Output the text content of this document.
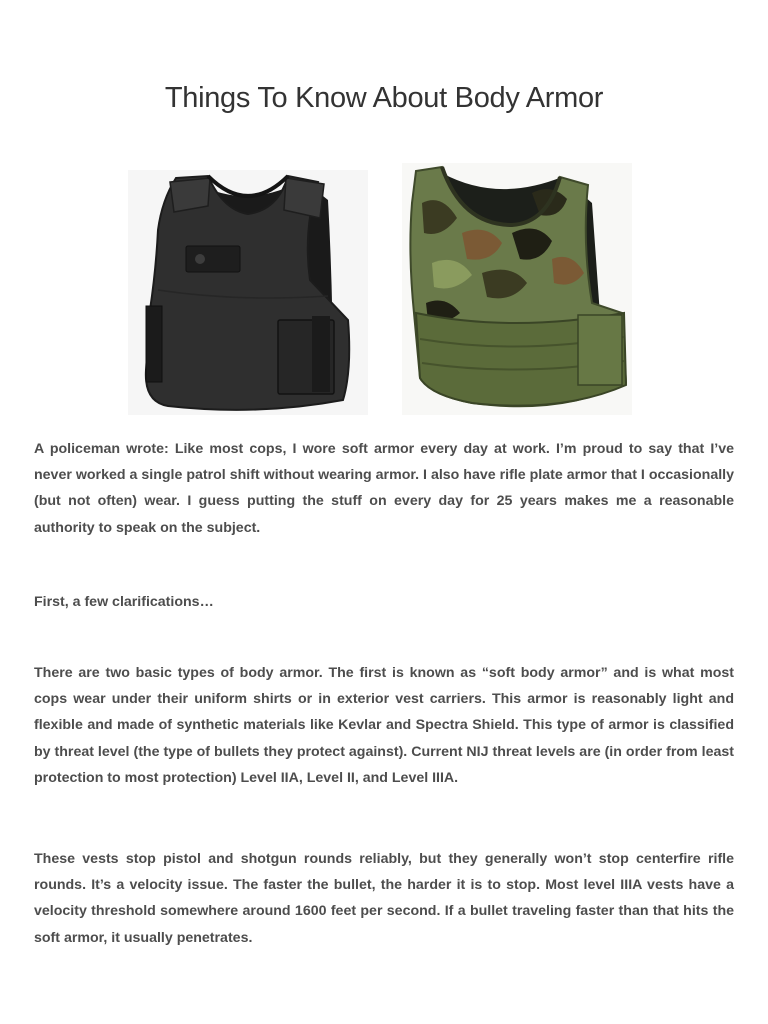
Things To Know About Body Armor

A policeman wrote: Like most cops, I wore soft armor every day at work. I’m proud to say that I’ve never worked a single patrol shift without wearing armor. I also have rifle plate armor that I occasionally (but not often) wear. I guess putting the stuff on every day for 25 years makes me a reasonable authority to speak on the subject.

First, a few clarifications…

There are two basic types of body armor. The first is known as “soft body armor” and is what most cops wear under their uniform shirts or in exterior vest carriers. This armor is reasonably light and flexible and made of synthetic materials like Kevlar and Spectra Shield. This type of armor is classified by threat level (the type of bullets they protect against). Current NIJ threat levels are (in order from least protection to most protection) Level IIA, Level II, and Level IIIA.

These vests stop pistol and shotgun rounds reliably, but they generally won’t stop centerfire rifle rounds. It’s a velocity issue. The faster the bullet, the harder it is to stop. Most level IIIA vests have a velocity threshold somewhere around 1600 feet per second. If a bullet traveling faster than that hits the soft armor, it usually penetrates.
